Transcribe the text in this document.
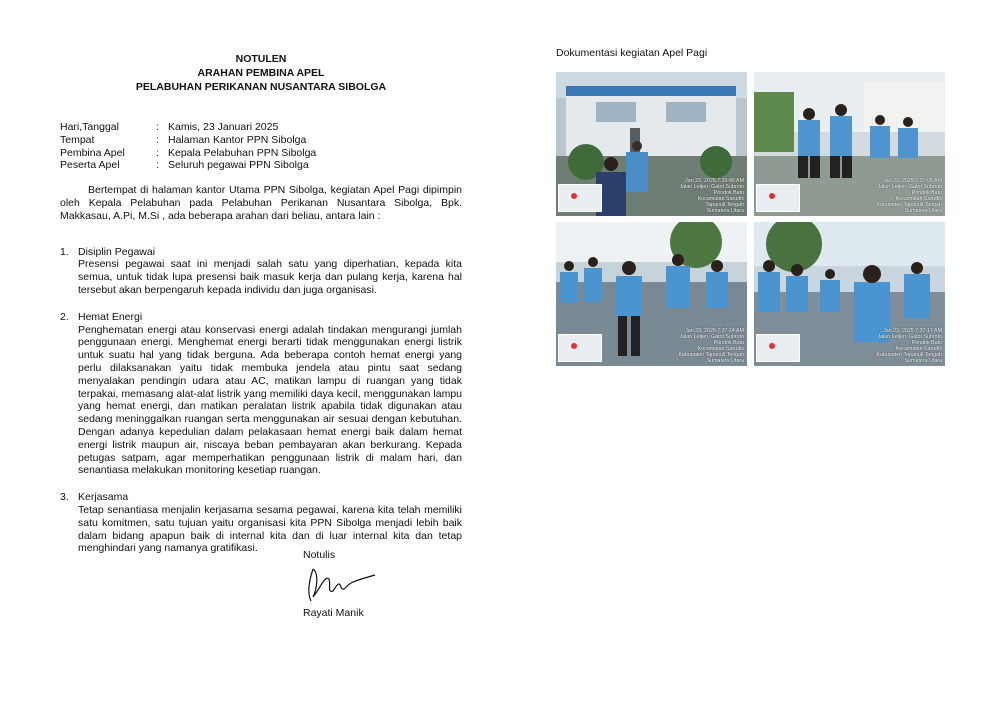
NOTULEN
ARAHAN PEMBINA APEL
PELABUHAN PERIKANAN NUSANTARA SIBOLGA
Hari,Tanggal	: Kamis, 23 Januari 2025
Tempat	: Halaman Kantor PPN Sibolga
Pembina Apel	: Kepala Pelabuhan PPN Sibolga
Peserta Apel	: Seluruh pegawai PPN Sibolga
Bertempat di halaman kantor Utama PPN Sibolga, kegiatan Apel Pagi dipimpin oleh Kepala Pelabuhan pada Pelabuhan Perikanan Nusantara Sibolga, Bpk. Makkasau, A.Pi, M.Si , ada beberapa arahan dari beliau, antara lain :
1. Disiplin Pegawai
Presensi pegawai saat ini menjadi salah satu yang diperhatian, kepada kita semua, untuk tidak lupa presensi baik masuk kerja dan pulang kerja, karena hal tersebut akan berpengaruh kepada individu dan juga organisasi.
2. Hemat Energi
Penghematan energi atau konservasi energi adalah tindakan mengurangi jumlah penggunaan energi. Menghemat energi berarti tidak menggunakan energi listrik untuk suatu hal yang tidak berguna. Ada beberapa contoh hemat energi yang perlu dilaksanakan yaitu tidak membuka jendela atau pintu saat sedang menyalakan pendingin udara atau AC, matikan lampu di ruangan yang tidak terpakai, memasang alat-alat listrik yang memiliki daya kecil, menggunakan lampu yang hemat energi, dan matikan peralatan listrik apabila tidak digunakan atau sedang meninggalkan ruangan serta menggunakan air sesuai dengan kebutuhan. Dengan adanya kepedulian dalam pelakasaan hemat energi baik dalam hemat energi listrik maupun air, niscaya beban pembayaran akan berkurang. Kepada petugas satpam, agar memperhatikan penggunaan listrik di malam hari, dan senantiasa melakukan monitoring kesetiap ruangan.
3. Kerjasama
Tetap senantiasa menjalin kerjasama sesama pegawai, karena kita telah memiliki satu komitmen, satu tujuan yaitu organisasi kita PPN Sibolga menjadi lebih baik dalam bidang apapun baik di internal kita dan di luar internal kita dan tetap menghindari yang namanya gratifikasi.
Notulis
Rayati Manik
Dokumentasi kegiatan Apel Pagi
Jan 23, 2025 7:39:49 AM
Jalan Letjen. Gatot Subroto
Pondok Batu
Kecamatan Sarudik
Tapanuli Tengah
Sumatera Utara
Jan 23, 2025 7:37:05 AM
Jalan Letjen. Gatot Subroto
Pondok Batu
Kecamatan Sarudik
Kabupaten Tapanuli Tengah
Sumatera Utara
Jan 23, 2025 7:37:24 AM
Jalan Letjen. Gatot Subroto
Pondok Batu
Kecamatan Sarudik
Kabupaten Tapanuli Tengah
Sumatera Utara
Jan 23, 2025 7:37:17 AM
Jalan Letjen. Gatot Subroto
Pondok Batu
Kecamatan Sarudik
Kabupaten Tapanuli Tengah
Sumatera Utara
